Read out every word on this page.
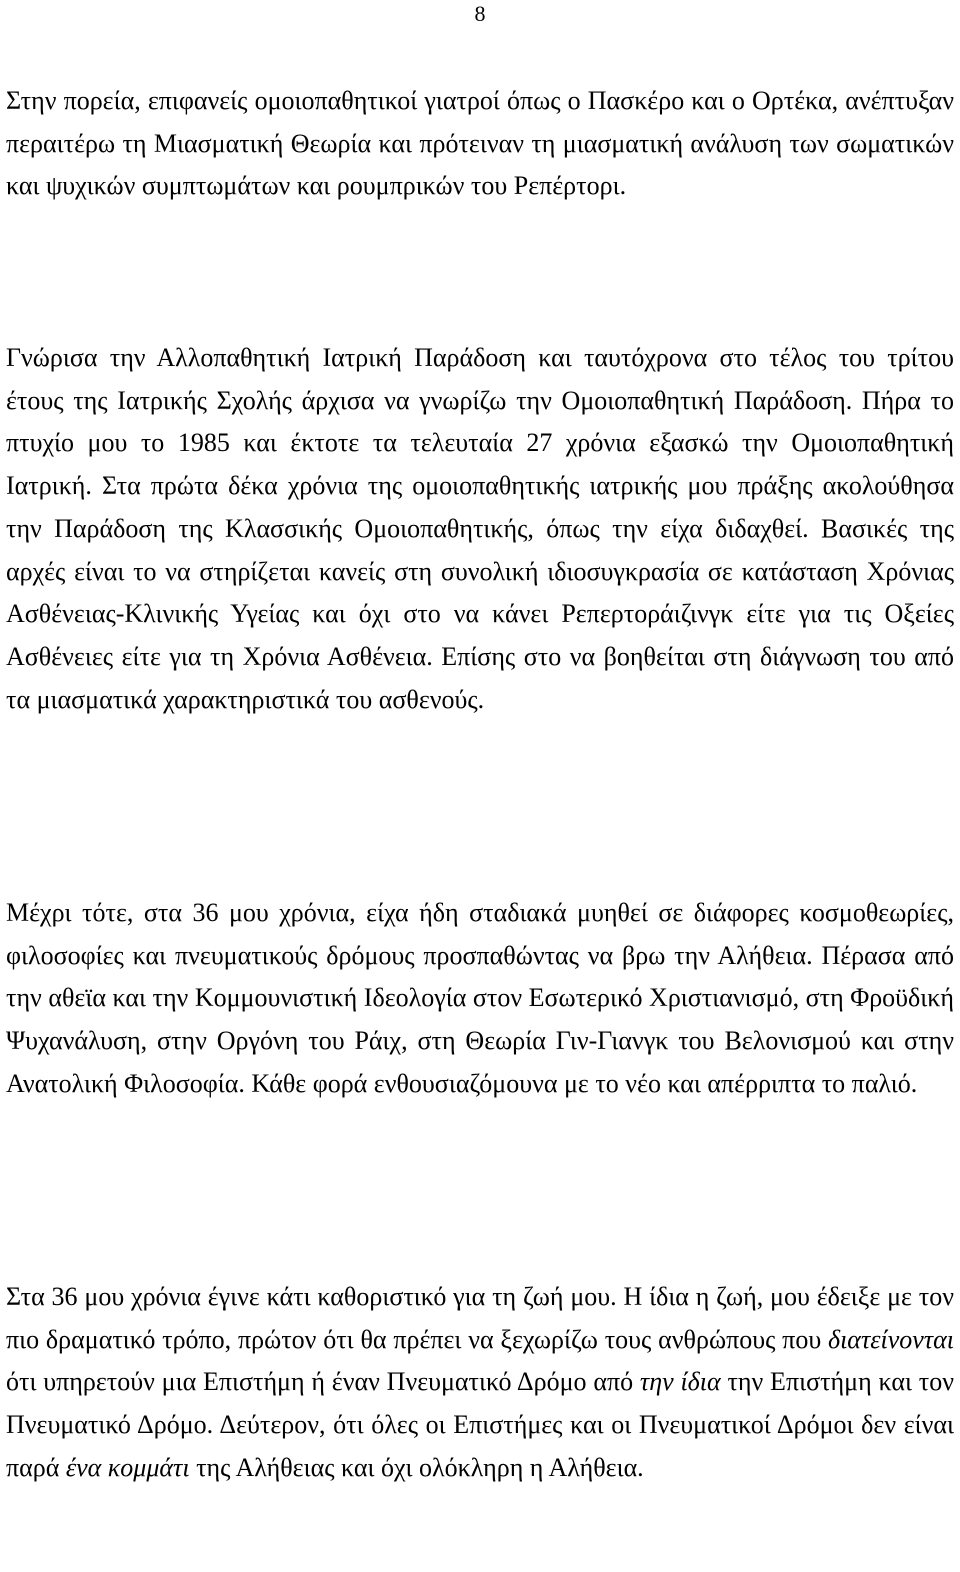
8

Στην πορεία, επιφανείς ομοιοπαθητικοί γιατροί όπως ο Πασκέρο και ο Ορτέκα, ανέπτυξαν περαιτέρω τη Μιασματική Θεωρία και πρότειναν τη μιασματική ανάλυση των σωματικών και ψυχικών συμπτωμάτων και ρουμπρικών του Ρεπέρτορι.

Γνώρισα την Αλλοπαθητική Ιατρική Παράδοση και ταυτόχρονα στο τέλος του τρίτου έτους της Ιατρικής Σχολής άρχισα να γνωρίζω την Ομοιοπαθητική Παράδοση. Πήρα το πτυχίο μου το 1985 και έκτοτε τα τελευταία 27 χρόνια εξασκώ την Ομοιοπαθητική Ιατρική. Στα πρώτα δέκα χρόνια της ομοιοπαθητικής ιατρικής μου πράξης ακολούθησα την Παράδοση της Κλασσικής Ομοιοπαθητικής, όπως την είχα διδαχθεί. Βασικές της αρχές είναι το να στηρίζεται κανείς στη συνολική ιδιοσυγκρασία σε κατάσταση Χρόνιας Ασθένειας-Κλινικής Υγείας και όχι στο να κάνει Ρεπερτοράιζινγκ είτε για τις Οξείες Ασθένειες είτε για τη Χρόνια Ασθένεια. Επίσης στο να βοηθείται στη διάγνωση του από τα μιασματικά χαρακτηριστικά του ασθενούς.

Μέχρι τότε, στα 36 μου χρόνια, είχα ήδη σταδιακά μυηθεί σε διάφορες κοσμοθεωρίες, φιλοσοφίες και πνευματικούς δρόμους προσπαθώντας να βρω την Αλήθεια. Πέρασα από την αθεϊα και την Κομμουνιστική Ιδεολογία στον Εσωτερικό Χριστιανισμό, στη Φροϋδική Ψυχανάλυση, στην Οργόνη του Ράιχ, στη Θεωρία Γιν-Γιανγκ του Βελονισμού και στην Ανατολική Φιλοσοφία. Κάθε φορά ενθουσιαζόμουνα με το νέο και απέρριπτα το παλιό.

Στα 36 μου χρόνια έγινε κάτι καθοριστικό για τη ζωή μου. Η ίδια η ζωή, μου έδειξε με τον πιο δραματικό τρόπο, πρώτον ότι θα πρέπει να ξεχωρίζω τους ανθρώπους που διατείνονται ότι υπηρετούν μια Επιστήμη ή έναν Πνευματικό Δρόμο από την ίδια την Επιστήμη και τον Πνευματικό Δρόμο. Δεύτερον, ότι όλες οι Επιστήμες και οι Πνευματικοί Δρόμοι δεν είναι παρά ένα κομμάτι της Αλήθειας και όχι ολόκληρη η Αλήθεια.
